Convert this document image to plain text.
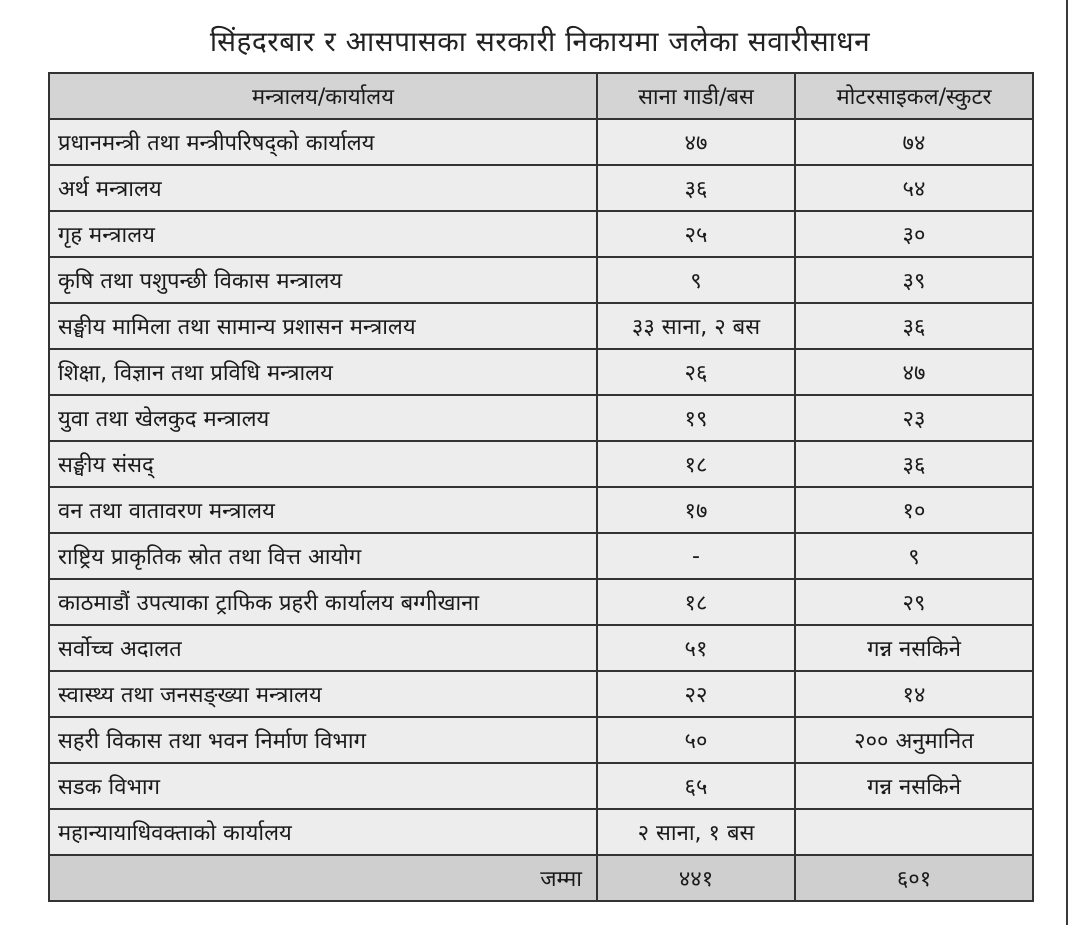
सिंहदरबार र आसपासका सरकारी निकायमा जलेका सवारीसाधन
मन्त्रालय/कार्यालय	साना गाडी/बस	मोटरसाइकल/स्कुटर
प्रधानमन्त्री तथा मन्त्रीपरिषद्को कार्यालय	४७	७४
अर्थ मन्त्रालय	३६	५४
गृह मन्त्रालय	२५	३०
कृषि तथा पशुपन्छी विकास मन्त्रालय	९	३९
सङ्घीय मामिला तथा सामान्य प्रशासन मन्त्रालय	३३ साना, २ बस	३६
शिक्षा, विज्ञान तथा प्रविधि मन्त्रालय	२६	४७
युवा तथा खेलकुद मन्त्रालय	१९	२३
सङ्घीय संसद्	१८	३६
वन तथा वातावरण मन्त्रालय	१७	१०
राष्ट्रिय प्राकृतिक स्रोत तथा वित्त आयोग	-	९
काठमाडौं उपत्याका ट्राफिक प्रहरी कार्यालय बग्गीखाना	१८	२९
सर्वोच्च अदालत	५१	गन्न नसकिने
स्वास्थ्य तथा जनसङ्ख्या मन्त्रालय	२२	१४
सहरी विकास तथा भवन निर्माण विभाग	५०	२०० अनुमानित
सडक विभाग	६५	गन्न नसकिने
महान्यायाधिवक्ताको कार्यालय	२ साना, १ बस	
जम्मा	४४१	६०१
